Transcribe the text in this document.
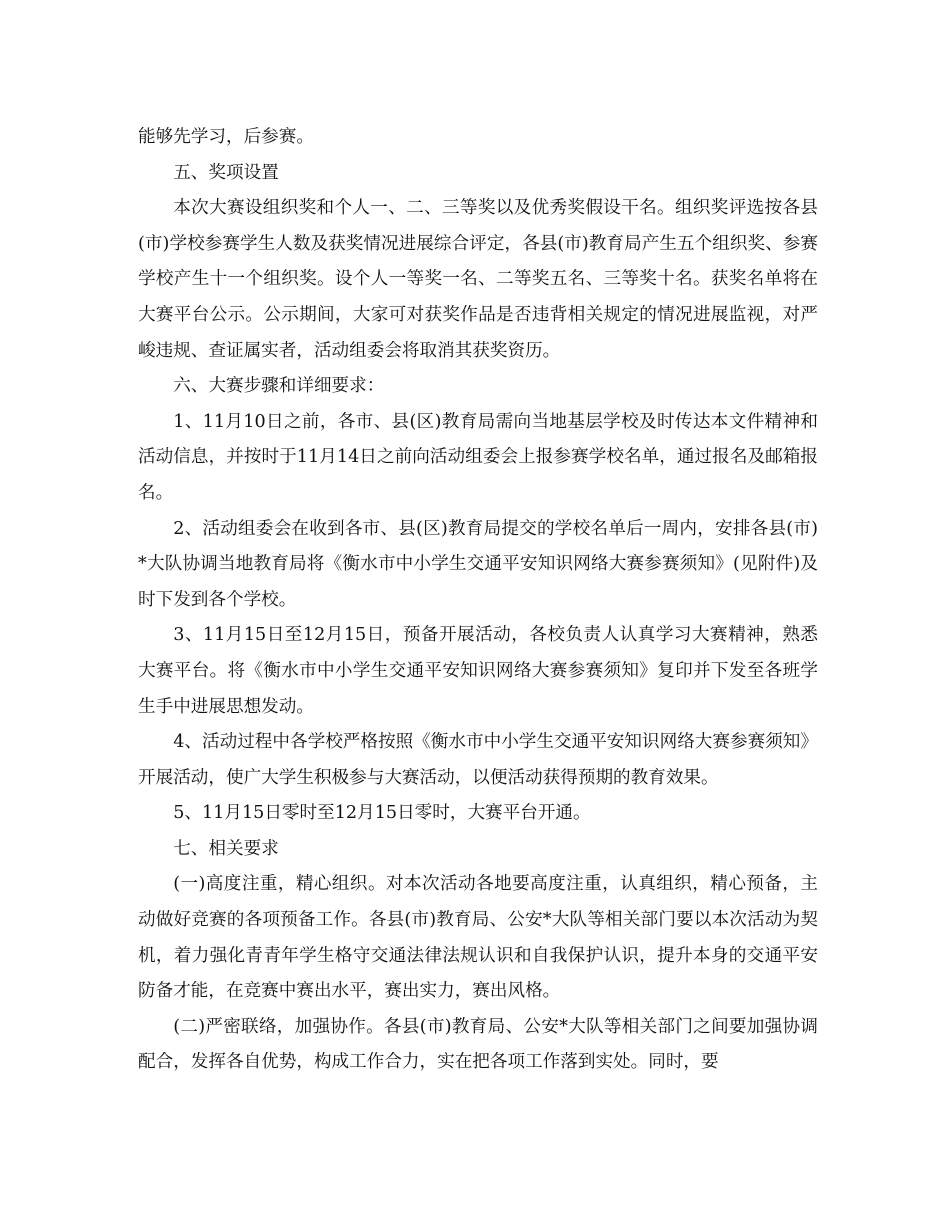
能够先学习，后参赛。

五、奖项设置

本次大赛设组织奖和个人一、二、三等奖以及优秀奖假设干名。组织奖评选按各县(市)学校参赛学生人数及获奖情况进展综合评定，各县(市)教育局产生五个组织奖、参赛学校产生十一个组织奖。设个人一等奖一名、二等奖五名、三等奖十名。获奖名单将在大赛平台公示。公示期间，大家可对获奖作品是否违背相关规定的情况进展监视，对严峻违规、查证属实者，活动组委会将取消其获奖资历。

六、大赛步骤和详细要求：

1、11月10日之前，各市、县(区)教育局需向当地基层学校及时传达本文件精神和活动信息，并按时于11月14日之前向活动组委会上报参赛学校名单，通过报名及邮箱报名。

2、活动组委会在收到各市、县(区)教育局提交的学校名单后一周内，安排各县(市)*大队协调当地教育局将《衡水市中小学生交通平安知识网络大赛参赛须知》(见附件)及时下发到各个学校。

3、11月15日至12月15日，预备开展活动，各校负责人认真学习大赛精神，熟悉大赛平台。将《衡水市中小学生交通平安知识网络大赛参赛须知》复印并下发至各班学生手中进展思想发动。

4、活动过程中各学校严格按照《衡水市中小学生交通平安知识网络大赛参赛须知》开展活动，使广大学生积极参与大赛活动，以便活动获得预期的教育效果。

5、11月15日零时至12月15日零时，大赛平台开通。

七、相关要求

(一)高度注重，精心组织。对本次活动各地要高度注重，认真组织，精心预备，主动做好竞赛的各项预备工作。各县(市)教育局、公安*大队等相关部门要以本次活动为契机，着力强化青青年学生格守交通法律法规认识和自我保护认识，提升本身的交通平安防备才能，在竞赛中赛出水平，赛出实力，赛出风格。

(二)严密联络，加强协作。各县(市)教育局、公安*大队等相关部门之间要加强协调配合，发挥各自优势，构成工作合力，实在把各项工作落到实处。同时，要
